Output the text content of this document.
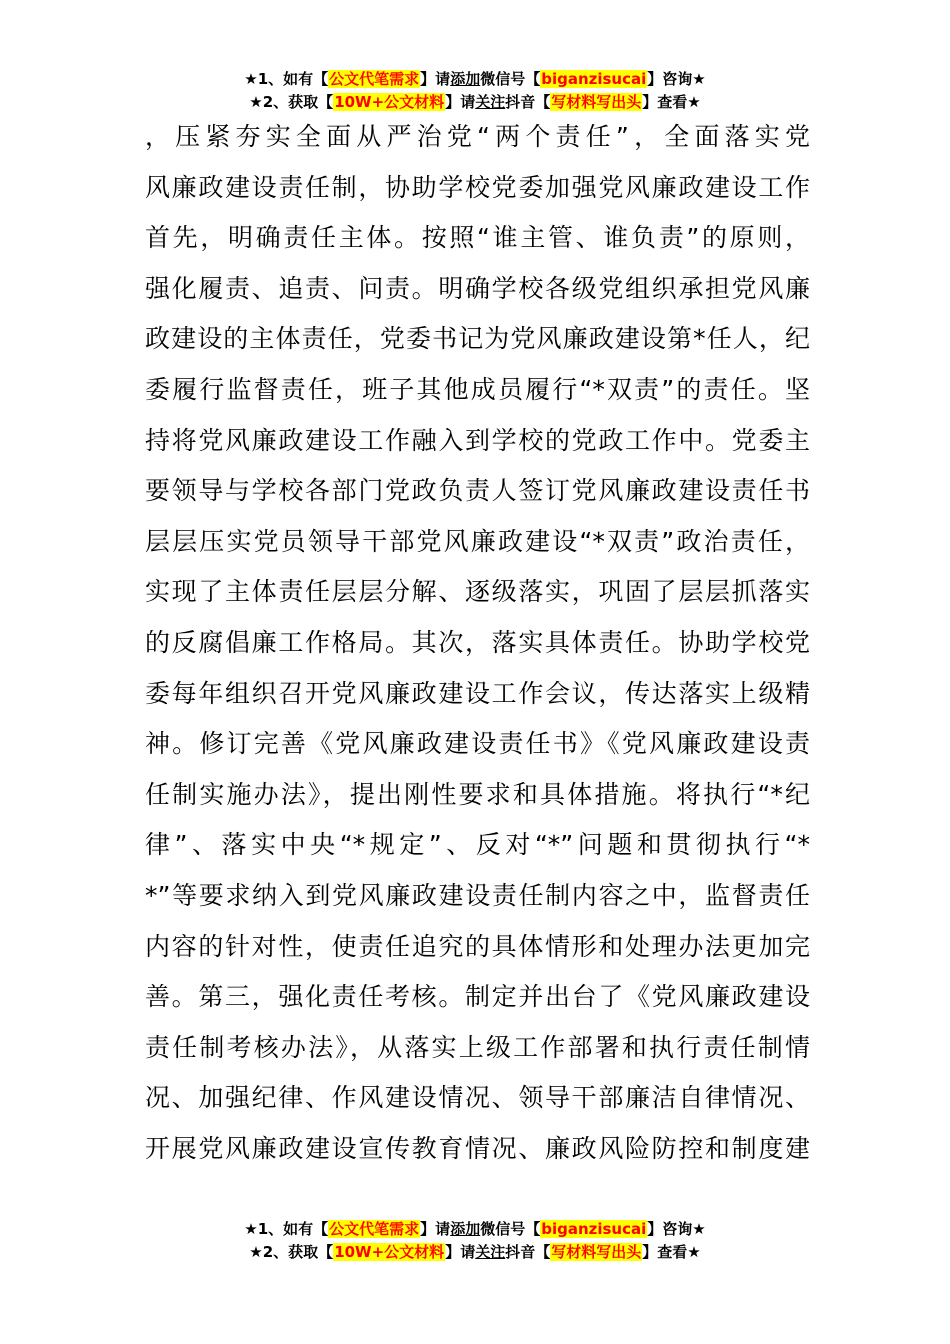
★1、如有【公文代笔需求】请添加微信号【biganzisucai】咨询★
★2、获取【10W+公文材料】请关注抖音【写材料写出头】查看★
，压紧夯实全面从严治党“两个责任”，全面落实党
风廉政建设责任制，协助学校党委加强党风廉政建设工作
首先，明确责任主体。按照“谁主管、谁负责”的原则，
强化履责、追责、问责。明确学校各级党组织承担党风廉
政建设的主体责任，党委书记为党风廉政建设第*任人，纪
委履行监督责任，班子其他成员履行“*双责”的责任。坚
持将党风廉政建设工作融入到学校的党政工作中。党委主
要领导与学校各部门党政负责人签订党风廉政建设责任书
层层压实党员领导干部党风廉政建设“*双责”政治责任，
实现了主体责任层层分解、逐级落实，巩固了层层抓落实
的反腐倡廉工作格局。其次，落实具体责任。协助学校党
委每年组织召开党风廉政建设工作会议，传达落实上级精
神。修订完善《党风廉政建设责任书》《党风廉政建设责
任制实施办法》，提出刚性要求和具体措施。将执行“*纪
律”、落实中央“*规定”、反对“*”问题和贯彻执行“*
*”等要求纳入到党风廉政建设责任制内容之中，监督责任
内容的针对性，使责任追究的具体情形和处理办法更加完
善。第三，强化责任考核。制定并出台了《党风廉政建设
责任制考核办法》，从落实上级工作部署和执行责任制情
况、加强纪律、作风建设情况、领导干部廉洁自律情况、
开展党风廉政建设宣传教育情况、廉政风险防控和制度建
★1、如有【公文代笔需求】请添加微信号【biganzisucai】咨询★
★2、获取【10W+公文材料】请关注抖音【写材料写出头】查看★
